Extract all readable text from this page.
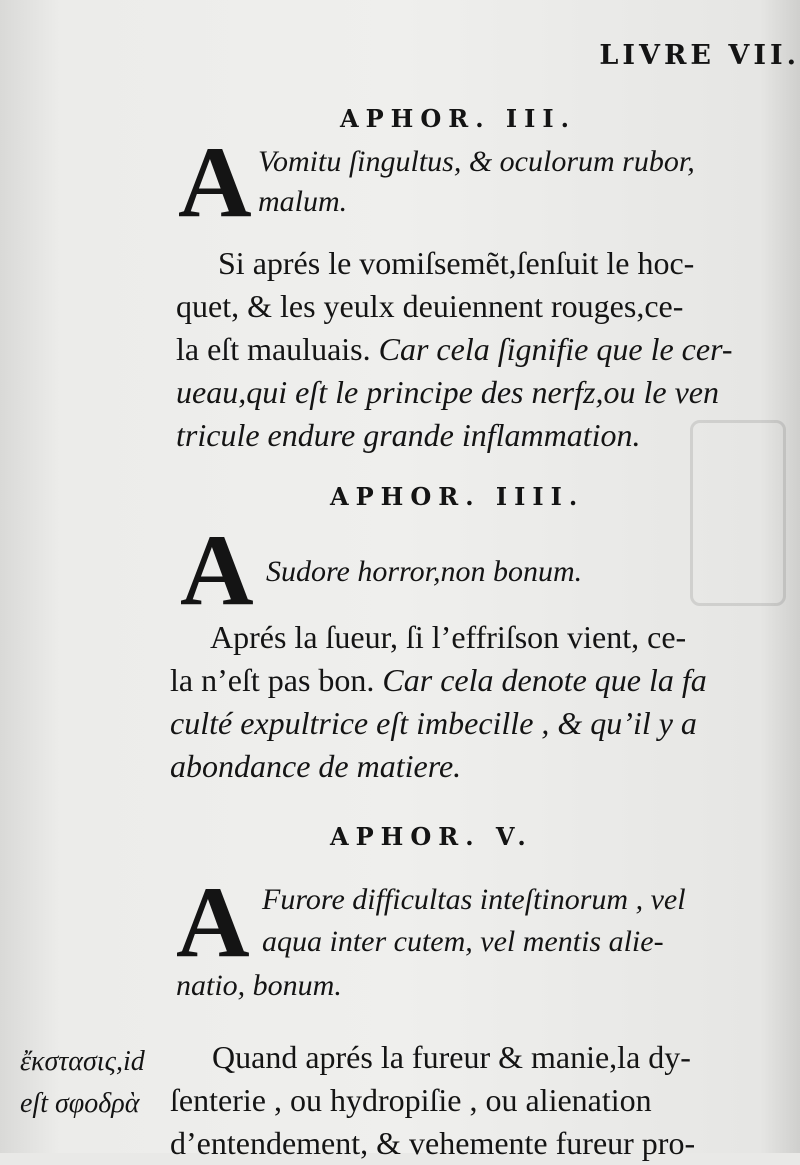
LIVRE VII.
APHOR. III.
A Vomitu ſingultus, & oculorum rubor,
malum.
Si aprés le vomiſsemẽt,ſenſuit le hoc-
quet, & les yeulx deuiennent rouges,ce-
la eſt mauluais. Car cela ſignifie que le cer-
ueau,qui eſt le principe des nerfz,ou le ven
tricule endure grande inflammation.
APHOR. IIII.
A Sudore horror,non bonum.
Aprés la ſueur, ſi l’effriſson vient, ce-
la n’eſt pas bon. Car cela denote que la fa
culté expultrice eſt imbecille , & qu’il y a
abondance de matiere.
APHOR. V.
A Furore difficultas inteſtinorum , vel
aqua inter cutem, vel mentis alie-
natio, bonum.
Quand aprés la fureur & manie,la dy-
ſenterie , ou hydropiſie , ou alienation
d’entendement, & vehemente fureur pro-
ἔκστασις,id
eſt σφοδρὰ
